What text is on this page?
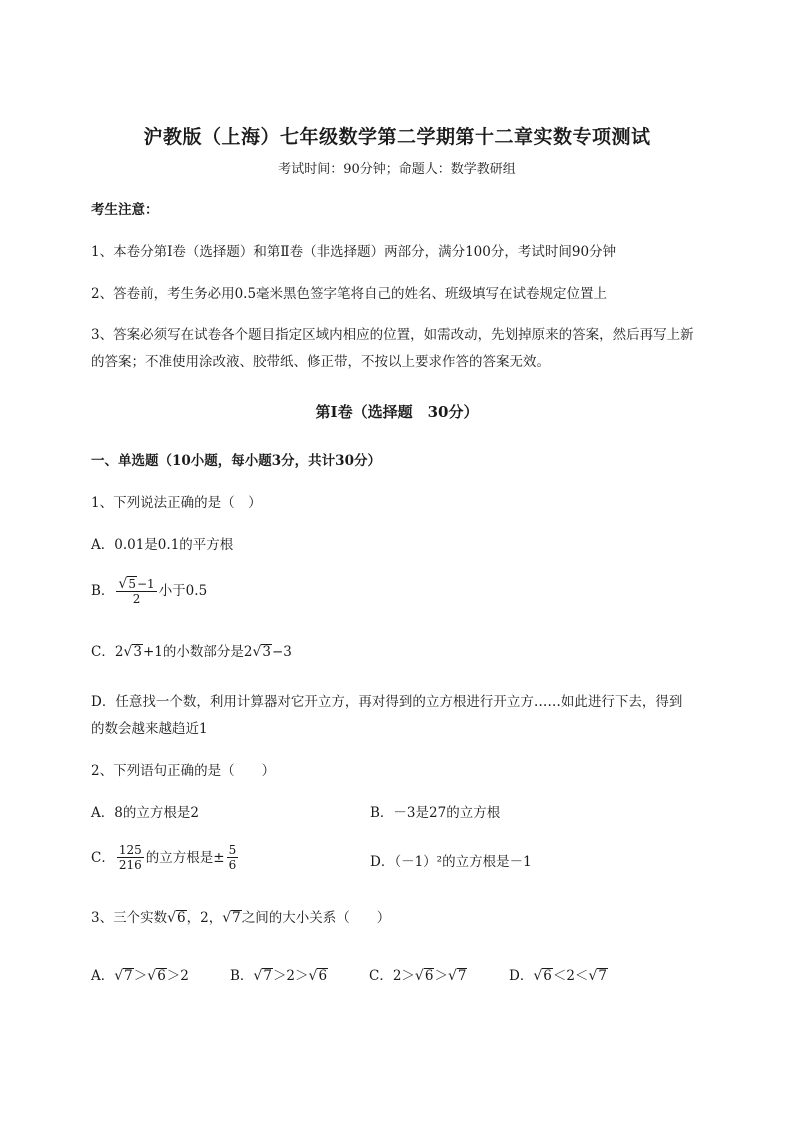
沪教版（上海）七年级数学第二学期第十二章实数专项测试
考试时间：90分钟；命题人：数学教研组
考生注意：
1、本卷分第I卷（选择题）和第Ⅱ卷（非选择题）两部分，满分100分，考试时间90分钟
2、答卷前，考生务必用0.5毫米黑色签字笔将自己的姓名、班级填写在试卷规定位置上
3、答案必须写在试卷各个题目指定区域内相应的位置，如需改动，先划掉原来的答案，然后再写上新
的答案；不准使用涂改液、胶带纸、修正带，不按以上要求作答的答案无效。
第I卷（选择题　30分）
一、单选题（10小题，每小题3分，共计30分）
1、下列说法正确的是（　）
A．0.01是0.1的平方根
B． $\frac{√5-1}{2}$ 小于0.5
C．2 √3 +1的小数部分是2 √3 −3
D．任意找一个数，利用计算器对它开立方，再对得到的立方根进行开立方……如此进行下去，得到
的数会越来越趋近1
2、下列语句正确的是（　　）
A．8的立方根是2	B．－3是27的立方根
C． $\frac{125}{216}$ 的立方根是± $\frac{5}{6}$	D．（－1）²的立方根是－1
3、三个实数 √6 ，2， √7 之间的大小关系（　　）
A． √7 ＞ √6 ＞2	B． √7 ＞2＞ √6	C．2＞ √6 ＞ √7	D． √6 ＜2＜ √7
